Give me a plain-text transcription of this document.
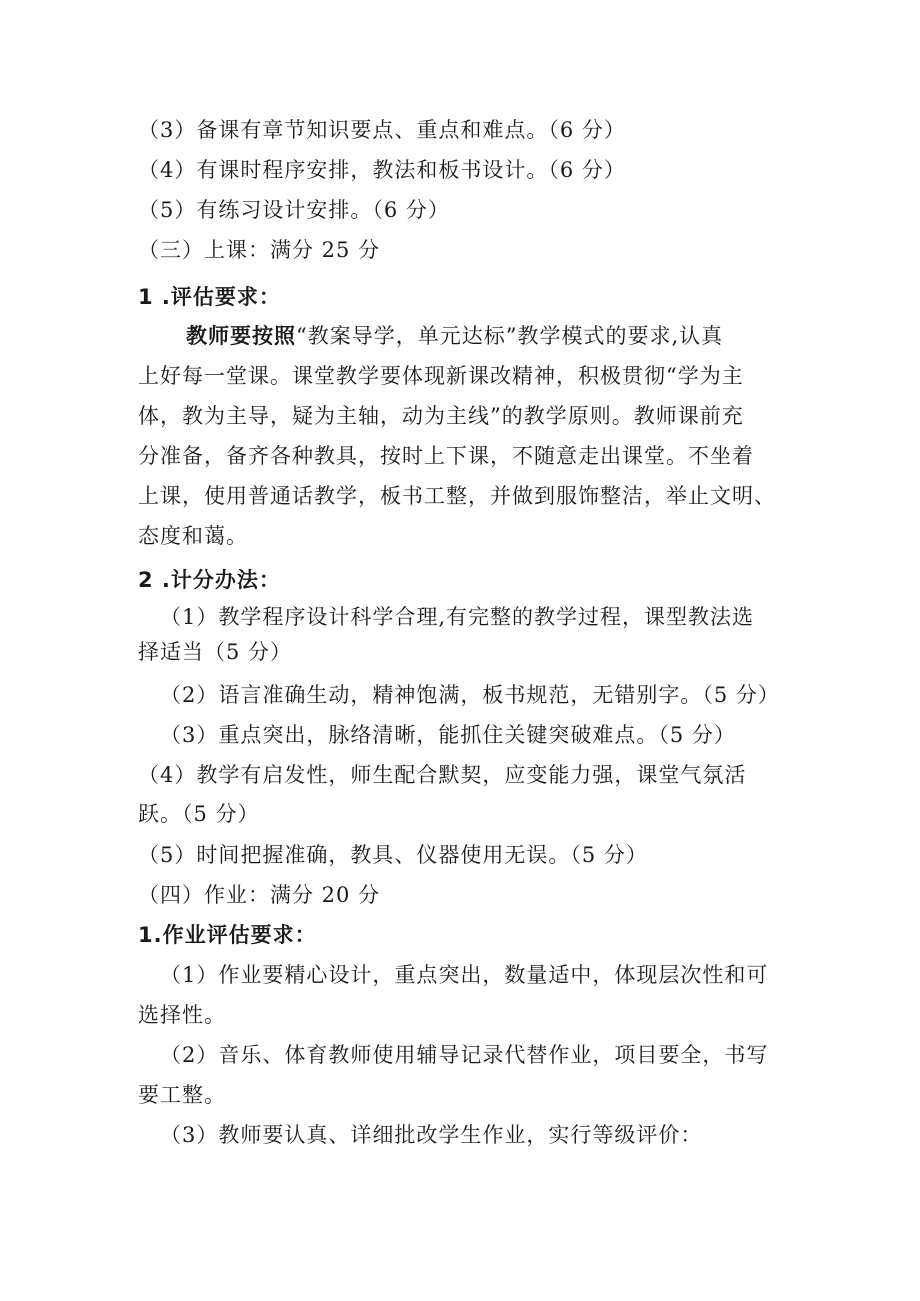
（3）备课有章节知识要点、重点和难点。（6 分）
（4）有课时程序安排，教法和板书设计。（6 分）
（5）有练习设计安排。（6 分）
（三）上课：满分 25 分
1 .评估要求：
教师要按照“教案导学，单元达标”教学模式的要求,认真
上好每一堂课。课堂教学要体现新课改精神，积极贯彻“学为主
体，教为主导，疑为主轴，动为主线”的教学原则。教师课前充
分准备，备齐各种教具，按时上下课，不随意走出课堂。不坐着
上课，使用普通话教学，板书工整，并做到服饰整洁，举止文明、
态度和蔼。
2 .计分办法：
（1）教学程序设计科学合理,有完整的教学过程，课型教法选
择适当（5 分）
（2）语言准确生动，精神饱满，板书规范，无错别字。（5 分）
（3）重点突出，脉络清晰，能抓住关键突破难点。（5 分）
（4）教学有启发性，师生配合默契，应变能力强，课堂气氛活
跃。（5 分）
（5）时间把握准确，教具、仪器使用无误。（5 分）
（四）作业：满分 20 分
1.作业评估要求：
（1）作业要精心设计，重点突出，数量适中，体现层次性和可
选择性。
（2）音乐、体育教师使用辅导记录代替作业，项目要全，书写
要工整。
（3）教师要认真、详细批改学生作业，实行等级评价：
